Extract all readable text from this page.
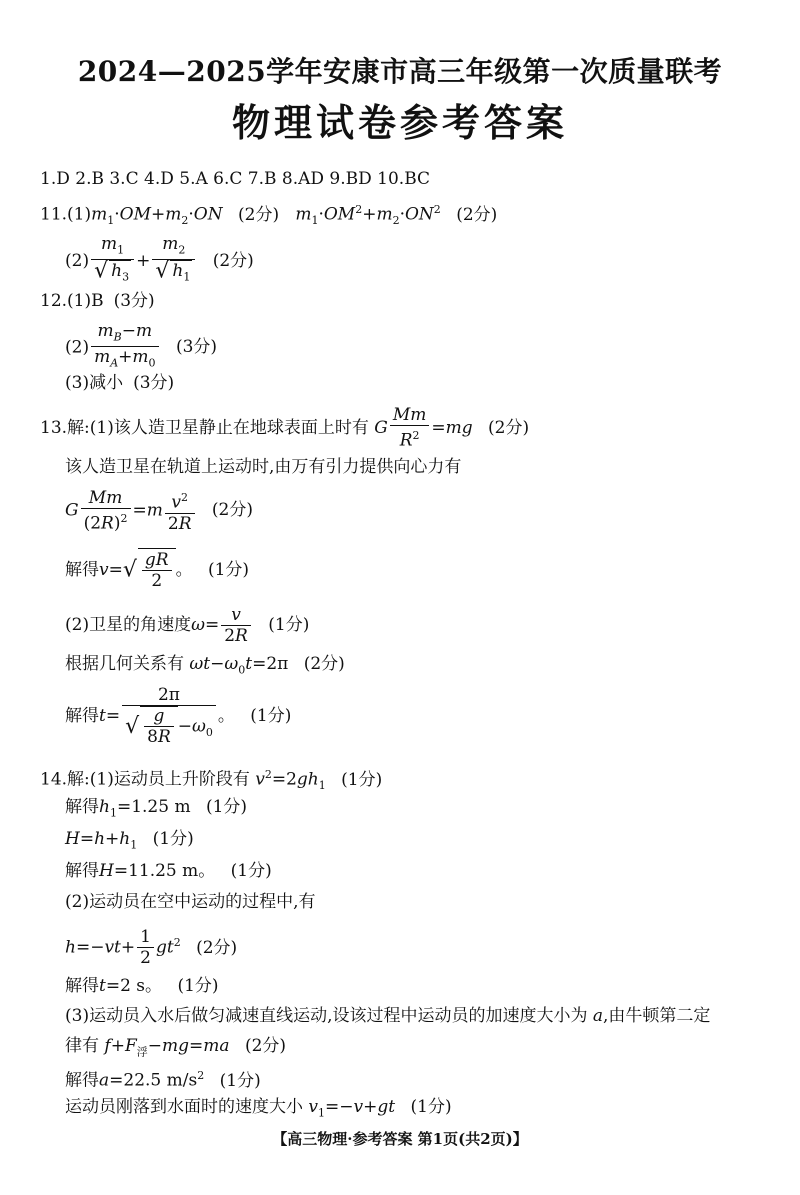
2024—2025学年安康市高三年级第一次质量联考
物理试卷参考答案
1.D 2.B 3.C 4.D 5.A 6.C 7.B 8.AD 9.BD 10.BC
$11.(1)m_1\cdot OM+m_2\cdot ON$ (2分) $m_1\cdot OM^2+m_2\cdot ON^2$ (2分)
$(2) \frac{m_1}{√ h_3} + \frac{m_2}{√ h_1} (2$分)
12.(1)B (3分)
$(2) \frac{m_B-m}{m_A+m_0} (3$分)
(3)减小 (3分)
13.解:(1)该人造卫星静止在地球表面上时有 G $\frac{Mm}{R^2} =mg$ (2分)
该人造卫星在轨道上运动时,由万有引力提供向心力有
G $\frac{Mm}{(2R)^2} =m \frac{v^2}{2R} (2$分)
解得$v=√ \frac{gR}{2}$ 。 (1分)
(2)卫星的角速度$\omega= \frac{v}{2R} (1$分)
根据几何关系有 $\omega t-\omega_0t=2\pi$ (2分)
解得$t= \frac{2\pi}{√ \frac{g}{8R} -\omega_0}$ 。 (1分)
14.解:(1)运动员上升阶段有 $v^2=2gh_1$ (1分)
解得$h_1=1.25$ m (1分)
$H=h+h_1$ (1分)
解得H=11.25 m。 (1分)
(2)运动员在空中运动的过程中,有
$h=-vt+ \frac{1}{2} gt^2$ (2分)
解得t=2 s。 (1分)
(3)运动员入水后做匀减速直线运动,设该过程中运动员的加速度大小为 a,由牛顿第二定
律有 $f+F_浮-mg=ma$ (2分)
解得a=22.5 $m/s^2$ (1分)
运动员刚落到水面时的速度大小 $v_1=-v+gt$ (1分)
【高三物理·参考答案 第1页(共2页)】
